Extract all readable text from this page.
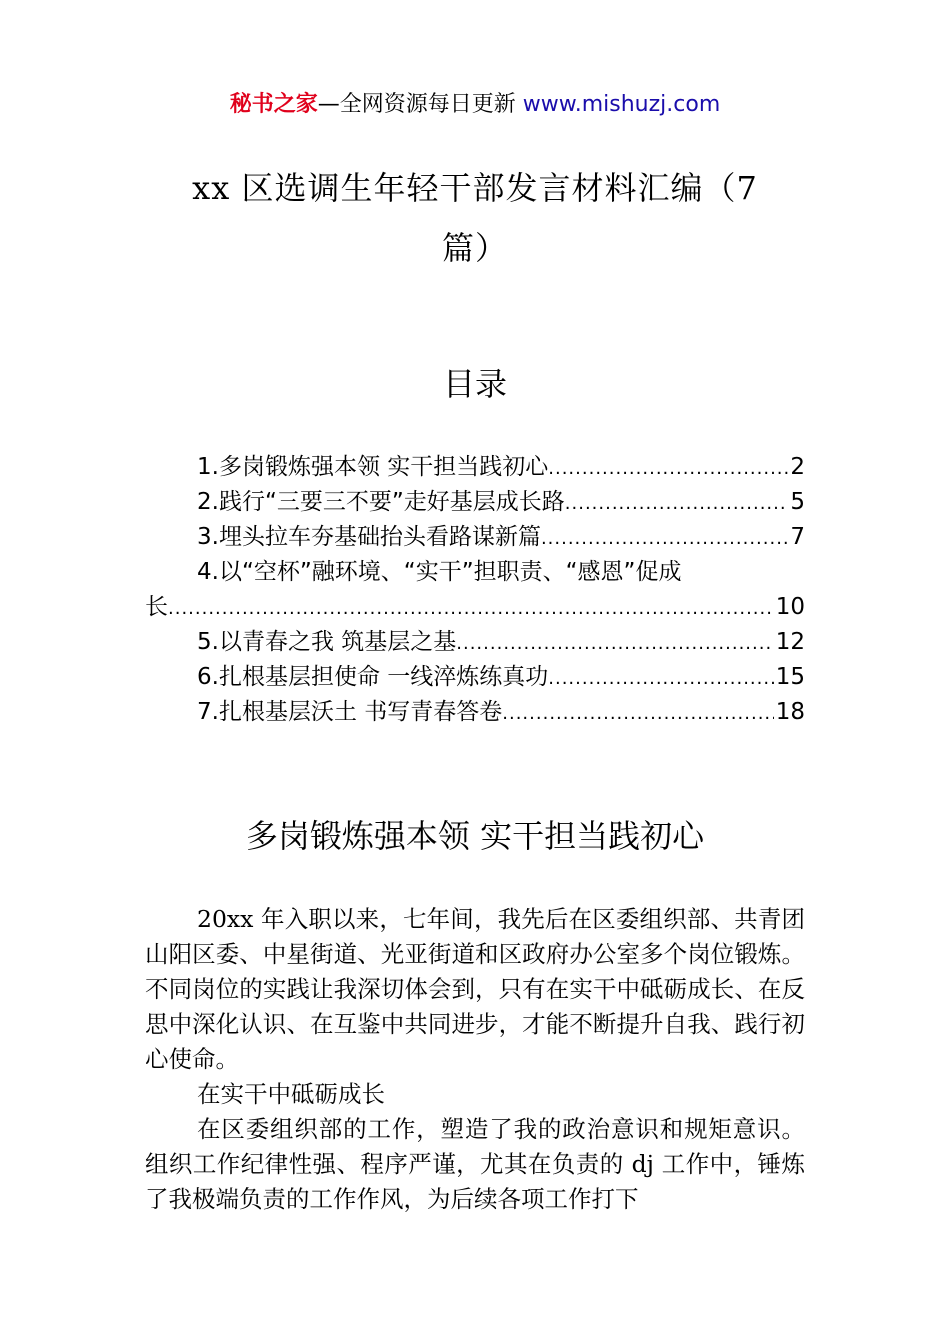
秘书之家—全网资源每日更新 www.mishuzj.com
xx 区选调生年轻干部发言材料汇编（7
篇）
目录
1.多岗锻炼强本领 实干担当践初心 .....	2
2.践行“三要三不要”走好基层成长路 .....	5
3.埋头拉车夯基础抬头看路谋新篇 .....	7
4.以“空杯”融环境、“实干”担职责、“感恩”促成
长 .....	10
5.以青春之我 筑基层之基 .....	12
6.扎根基层担使命 一线淬炼练真功 .....	15
7.扎根基层沃土 书写青春答卷 .....	18
多岗锻炼强本领 实干担当践初心

20xx 年入职以来，七年间，我先后在区委组织部、共青团山阳区委、中星街道、光亚街道和区政府办公室多个岗位锻炼。不同岗位的实践让我深切体会到，只有在实干中砥砺成长、在反思中深化认识、在互鉴中共同进步，才能不断提升自我、践行初心使命。

在实干中砥砺成长

在区委组织部的工作，塑造了我的政治意识和规矩意识。组织工作纪律性强、程序严谨，尤其在负责的 dj 工作中，锤炼了我极端负责的工作作风，为后续各项工作打下
